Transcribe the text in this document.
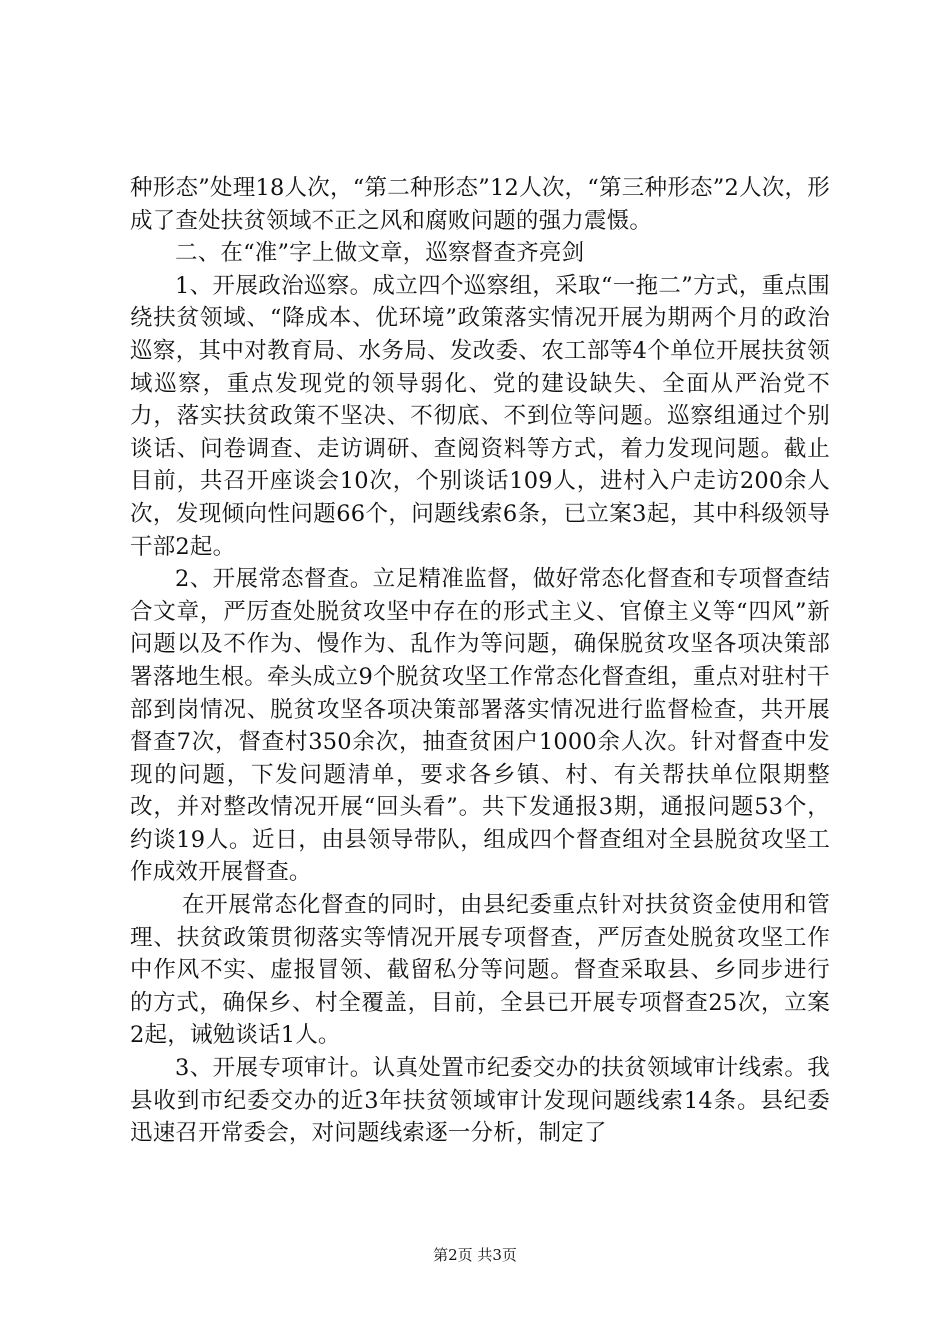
种形态”处理18人次，“第二种形态”12人次，“第三种形态”2人次，形成了查处扶贫领域不正之风和腐败问题的强力震慑。

二、在“准”字上做文章，巡察督查齐亮剑

1、开展政治巡察。成立四个巡察组，采取“一拖二”方式，重点围绕扶贫领域、“降成本、优环境”政策落实情况开展为期两个月的政治巡察，其中对教育局、水务局、发改委、农工部等4个单位开展扶贫领域巡察，重点发现党的领导弱化、党的建设缺失、全面从严治党不力，落实扶贫政策不坚决、不彻底、不到位等问题。巡察组通过个别谈话、问卷调查、走访调研、查阅资料等方式，着力发现问题。截止目前，共召开座谈会10次，个别谈话109人，进村入户走访200余人次，发现倾向性问题66个，问题线索6条，已立案3起，其中科级领导干部2起。

2、开展常态督查。立足精准监督，做好常态化督查和专项督查结合文章，严厉查处脱贫攻坚中存在的形式主义、官僚主义等“四风”新问题以及不作为、慢作为、乱作为等问题，确保脱贫攻坚各项决策部署落地生根。牵头成立9个脱贫攻坚工作常态化督查组，重点对驻村干部到岗情况、脱贫攻坚各项决策部署落实情况进行监督检查，共开展督查7次，督查村350余次，抽查贫困户1000余人次。针对督查中发现的问题，下发问题清单，要求各乡镇、村、有关帮扶单位限期整改，并对整改情况开展“回头看”。共下发通报3期，通报问题53个，约谈19人。近日，由县领导带队，组成四个督查组对全县脱贫攻坚工作成效开展督查。

在开展常态化督查的同时，由县纪委重点针对扶贫资金使用和管理、扶贫政策贯彻落实等情况开展专项督查，严厉查处脱贫攻坚工作中作风不实、虚报冒领、截留私分等问题。督查采取县、乡同步进行的方式，确保乡、村全覆盖，目前，全县已开展专项督查25次，立案2起，诫勉谈话1人。

3、开展专项审计。认真处置市纪委交办的扶贫领域审计线索。我县收到市纪委交办的近3年扶贫领域审计发现问题线索14条。县纪委迅速召开常委会，对问题线索逐一分析，制定了

第2页 共3页
